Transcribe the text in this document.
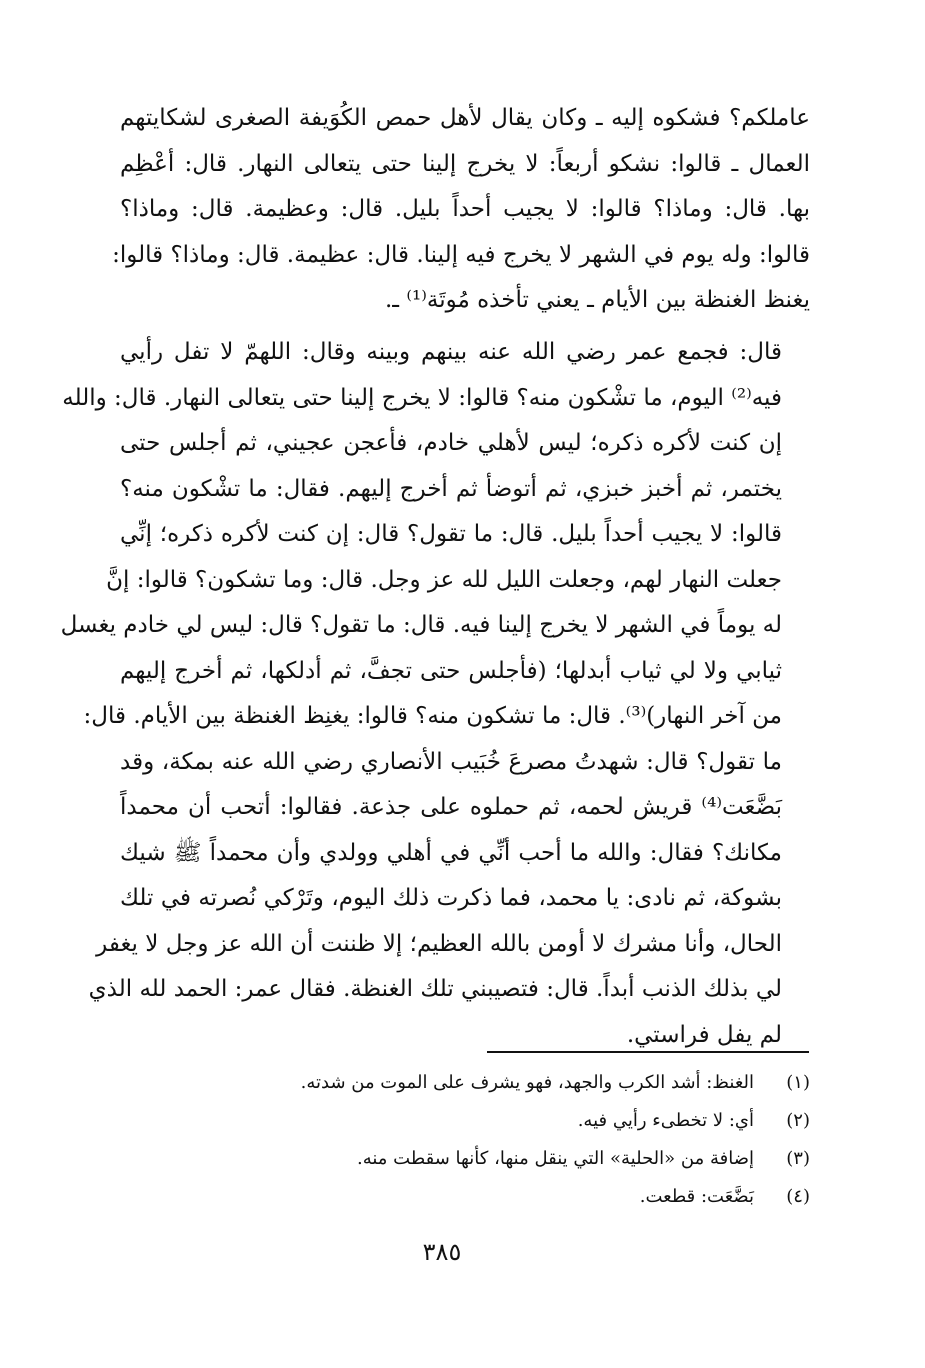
عاملكم؟ فشكوه إليه ـ وكان يقال لأهل حمص الكُوَيفة الصغرى لشكايتهم
العمال ـ قالوا: نشكو أربعاً: لا يخرج إلينا حتى يتعالى النهار. قال: أعْظِم
بها. قال: وماذا؟ قالوا: لا يجيب أحداً بليل. قال: وعظيمة. قال: وماذا؟
قالوا: وله يوم في الشهر لا يخرج فيه إلينا. قال: عظيمة. قال: وماذا؟ قالوا:
يغنظ الغنظة بين الأيام ـ يعني تأخذه مُوتَة⁽¹⁾ ـ.
قال: فجمع عمر رضي الله عنه بينهم وبينه وقال: اللهمّ لا تفل رأيي
فيه⁽²⁾ اليوم، ما تشْكون منه؟ قالوا: لا يخرج إلينا حتى يتعالى النهار. قال: والله
إن كنت لأكره ذكره؛ ليس لأهلي خادم، فأعجن عجيني، ثم أجلس حتى
يختمر، ثم أخبز خبزي، ثم أتوضأ ثم أخرج إليهم. فقال: ما تشْكون منه؟
قالوا: لا يجيب أحداً بليل. قال: ما تقول؟ قال: إن كنت لأكره ذكره؛ إنِّي
جعلت النهار لهم، وجعلت الليل لله عز وجل. قال: وما تشكون؟ قالوا: إنَّ
له يوماً في الشهر لا يخرج إلينا فيه. قال: ما تقول؟ قال: ليس لي خادم يغسل
ثيابي ولا لي ثياب أبدلها؛ (فأجلس حتى تجفَّ، ثم أدلكها، ثم أخرج إليهم
من آخر النهار)⁽³⁾. قال: ما تشكون منه؟ قالوا: يغنِظ الغنظة بين الأيام. قال:
ما تقول؟ قال: شهدتُ مصرعَ خُبَيب الأنصاري رضي الله عنه بمكة، وقد
بَضَّعَت⁽⁴⁾ قريش لحمه، ثم حملوه على جذعة. فقالوا: أتحب أن محمداً
مكانك؟ فقال: والله ما أحب أنِّي في أهلي وولدي وأن محمداً ﷺ شيك
بشوكة، ثم نادى: يا محمد، فما ذكرت ذلك اليوم، وتَرْكي نُصرته في تلك
الحال، وأنا مشرك لا أومن بالله العظيم؛ إلا ظننت أن الله عز وجل لا يغفر
لي بذلك الذنب أبداً. قال: فتصيبني تلك الغنظة. فقال عمر: الحمد لله الذي
لم يفل فراستي.
(١)
الغنظ: أشد الكرب والجهد، فهو يشرف على الموت من شدته.
(٢)
أي: لا تخطىء رأيي فيه.
(٣)
إضافة من «الحلية» التي ينقل منها، كأنها سقطت منه.
(٤)
بَضَّعَت: قطعت.
٣٨٥
